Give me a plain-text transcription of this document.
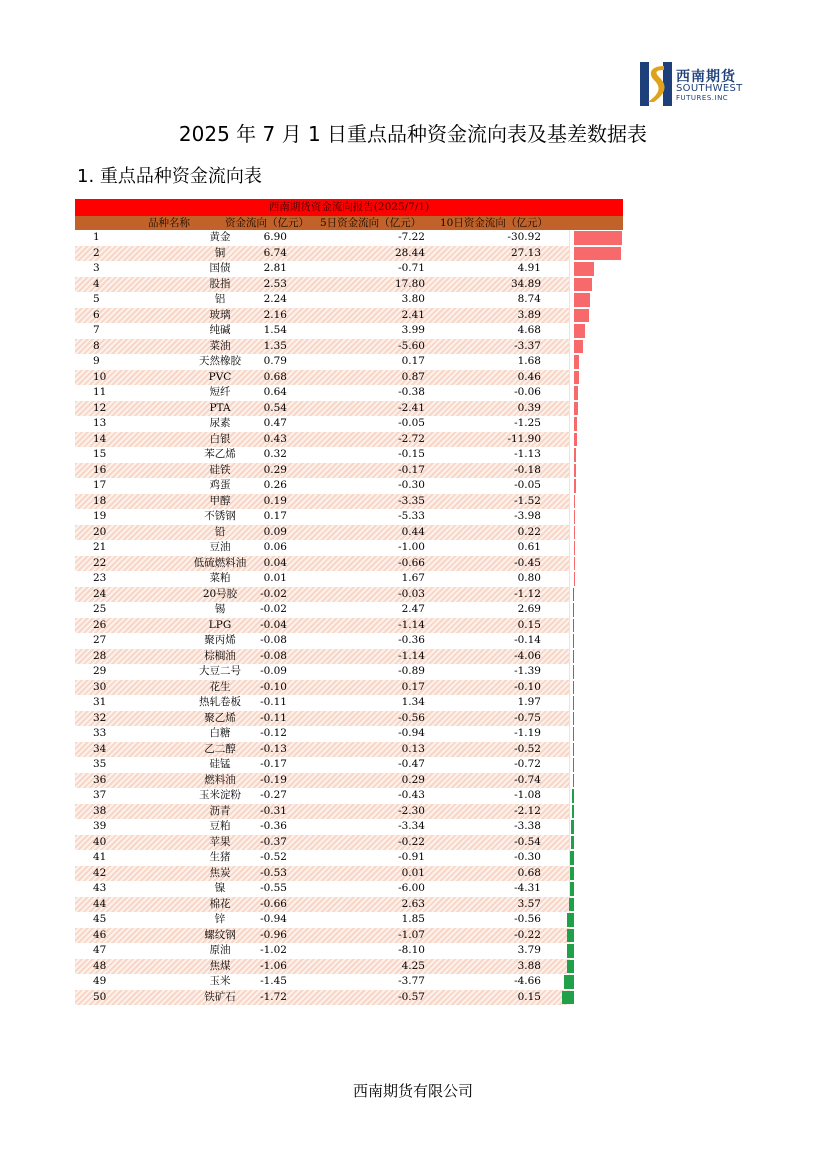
西南期货
SOUTHWEST
FUTURES.INC
2025 年 7 月 1 日重点品种资金流向表及基差数据表
1. 重点品种资金流向表
西南期货资金流向报告(2025/7/1)
品种名称	资金流向（亿元） 5日资金流向（亿元） 10日资金流向（亿元）
1	黄金	6.90	-7.22	-30.92
2	铜	6.74	28.44	27.13
3	国债	2.81	-0.71	4.91
4	股指	2.53	17.80	34.89
5	铝	2.24	3.80	8.74
6	玻璃	2.16	2.41	3.89
7	纯碱	1.54	3.99	4.68
8	菜油	1.35	-5.60	-3.37
9	天然橡胶	0.79	0.17	1.68
10	PVC	0.68	0.87	0.46
11	短纤	0.64	-0.38	-0.06
12	PTA	0.54	-2.41	0.39
13	尿素	0.47	-0.05	-1.25
14	白银	0.43	-2.72	-11.90
15	苯乙烯	0.32	-0.15	-1.13
16	硅铁	0.29	-0.17	-0.18
17	鸡蛋	0.26	-0.30	-0.05
18	甲醇	0.19	-3.35	-1.52
19	不锈钢	0.17	-5.33	-3.98
20	铅	0.09	0.44	0.22
21	豆油	0.06	-1.00	0.61
22	低硫燃料油	0.04	-0.66	-0.45
23	菜粕	0.01	1.67	0.80
24	20号胶	-0.02	-0.03	-1.12
25	锡	-0.02	2.47	2.69
26	LPG	-0.04	-1.14	0.15
27	聚丙烯	-0.08	-0.36	-0.14
28	棕榈油	-0.08	-1.14	-4.06
29	大豆二号	-0.09	-0.89	-1.39
30	花生	-0.10	0.17	-0.10
31	热轧卷板	-0.11	1.34	1.97
32	聚乙烯	-0.11	-0.56	-0.75
33	白糖	-0.12	-0.94	-1.19
34	乙二醇	-0.13	0.13	-0.52
35	硅锰	-0.17	-0.47	-0.72
36	燃料油	-0.19	0.29	-0.74
37	玉米淀粉	-0.27	-0.43	-1.08
38	沥青	-0.31	-2.30	-2.12
39	豆粕	-0.36	-3.34	-3.38
40	苹果	-0.37	-0.22	-0.54
41	生猪	-0.52	-0.91	-0.30
42	焦炭	-0.53	0.01	0.68
43	镍	-0.55	-6.00	-4.31
44	棉花	-0.66	2.63	3.57
45	锌	-0.94	1.85	-0.56
46	螺纹钢	-0.96	-1.07	-0.22
47	原油	-1.02	-8.10	3.79
48	焦煤	-1.06	4.25	3.88
49	玉米	-1.45	-3.77	-4.66
50	铁矿石	-1.72	-0.57	0.15
西南期货有限公司
